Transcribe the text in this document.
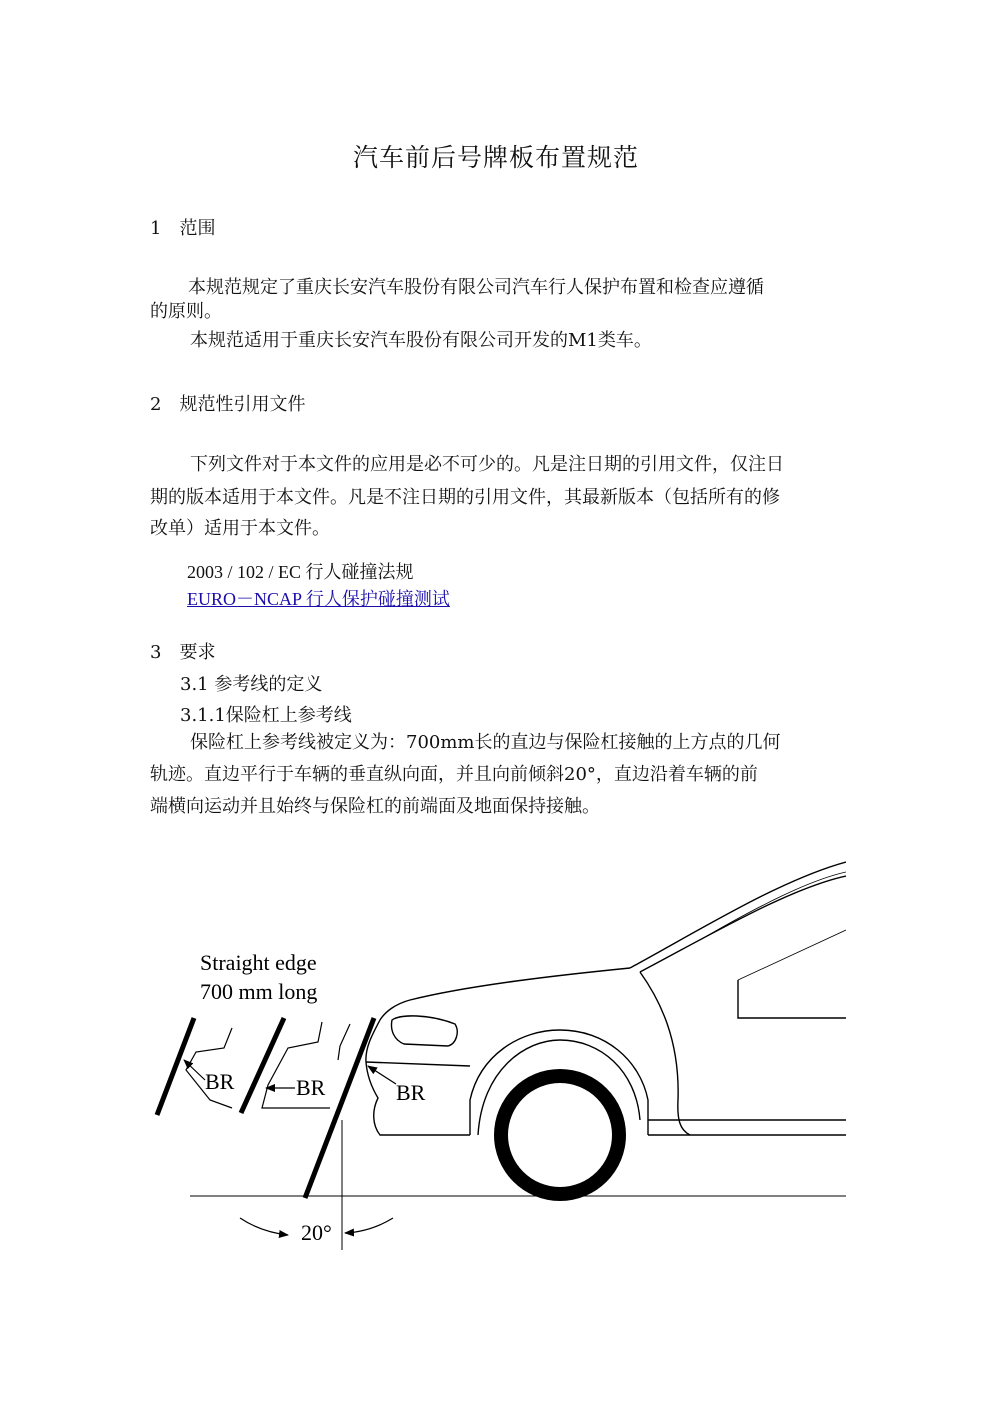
汽车前后号牌板布置规范
1　范围
本规范规定了重庆长安汽车股份有限公司汽车行人保护布置和检查应遵循
的原则。
本规范适用于重庆长安汽车股份有限公司开发的M1类车。
2　规范性引用文件
下列文件对于本文件的应用是必不可少的。凡是注日期的引用文件，仅注日
期的版本适用于本文件。凡是不注日期的引用文件，其最新版本（包括所有的修
改单）适用于本文件。
2003 / 102 / EC 行人碰撞法规
EURO－NCAP 行人保护碰撞测试
3　要求
3.1 参考线的定义
3.1.1保险杠上参考线
保险杠上参考线被定义为：700mm长的直边与保险杠接触的上方点的几何
轨迹。直边平行于车辆的垂直纵向面，并且向前倾斜20°，直边沿着车辆的前
端横向运动并且始终与保险杠的前端面及地面保持接触。
Straight edge
700 mm long
BR	BR	BR
20°
